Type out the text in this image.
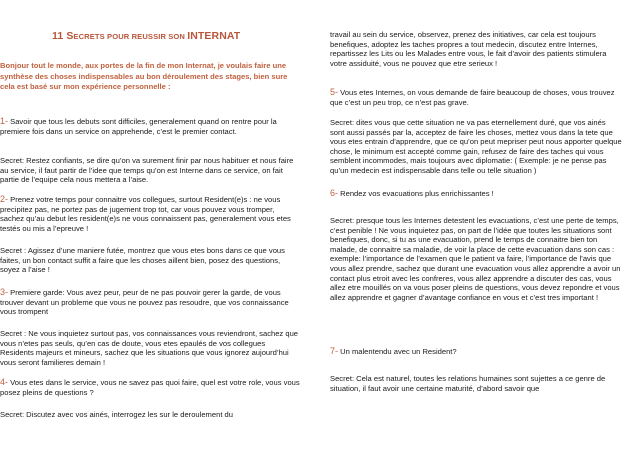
11 SECRETS POUR REUSSIR SON INTERNAT

Bonjour tout le monde, aux portes de la fin de mon Internat, je voulais faire une synthèse des choses indispensables au bon déroulement des stages, bien sure cela est basé sur mon expérience personnelle :

1- Savoir que tous les debuts sont difficiles, generalement quand on rentre pour la premiere fois dans un service on apprehende, c’est le premier contact.

Secret: Restez confiants, se dire qu’on va surement finir par nous habituer et nous faire au service, il faut partir de l’idee que temps qu’on est Interne dans ce service, on fait partie de l’equipe cela nous mettera a l’aise.

2- Prenez votre temps pour connaitre vos collegues, surtout Resident(e)s : ne vous precipitez pas, ne portez pas de jugement trop tot, car vous pouvez vous tromper, sachez qu’au debut les resident(e)s ne vous connaissent pas, generalement vous etes testés ou mis a l’epreuve !

Secret : Agissez d’une maniere futée, montrez que vous etes bons dans ce que vous faites, un bon contact suffit a faire que les choses aillent bien, posez des questions, soyez a l’aise !

3- Premiere garde: Vous avez peur, peur de ne pas pouvoir gerer la garde, de vous trouver devant un probleme que vous ne pouvez pas resoudre, que vos connaissance vous trompent

Secret : Ne vous inquietez surtout pas, vos connaissances vous reviendront, sachez que vous n’etes pas seuls, qu’en cas de doute, vous etes epaulés de vos collegues Residents majeurs et mineurs, sachez que les situations que vous ignorez aujourd’hui vous seront familieres demain !

4- Vous etes dans le service, vous ne savez pas quoi faire, quel est votre role, vous vous posez pleins de questions ?

Secret: Discutez avec vos ainés, interrogez les sur le deroulement du

travail au sein du service, observez, prenez des initiatives, car cela est toujours benefiques, adoptez les taches propres a tout medecin, discutez entre Internes, repartissez les Lits ou les Malades entre vous, le fait d’avoir des patients stimulera votre assiduité, vous ne pouvez que etre serieux !

5- Vous etes Internes, on vous demande de faire beaucoup de choses, vous trouvez que c’est un peu trop, ce n’est pas grave.

Secret: dites vous que cette situation ne va pas eternellement duré, que vos ainés sont aussi passés par la, acceptez de faire les choses, mettez vous dans la tete que vous etes entrain d’apprendre, que ce qu’on peut mepriser peut nous apporter quelque chose, le minimum est accepté comme gain, refusez de faire des taches qui vous semblent incommodes, mais toujours avec diplomatie: ( Exemple: je ne pense pas qu’un medecin est indispensable dans telle ou telle situation )

6- Rendez vos evacuations plus enrichissantes !

Secret: presque tous les Internes detestent les evacuations, c’est une perte de temps, c’est penible ! Ne vous inquietez pas, on part de l’idée que toutes les situations sont benefiques, donc, si tu as une evacuation, prend le temps de connaitre bien ton malade, de connaitre sa maladie, de voir la place de cette evacuation dans son cas : exemple: l’importance de l’examen que le patient va faire, l’importance de l’avis que vous allez prendre, sachez que durant une evacuation vous allez apprendre a avoir un contact plus etroit avec les confreres, vous allez apprendre a discuter des cas, vous allez etre mouillés on va vous poser pleins de questions, vous devez repondre et vous allez apprendre et gagner d’avantage confiance en vous et c’est tres important !

7- Un malentendu avec un Resident?

Secret: Cela est naturel, toutes les relations humaines sont sujettes a ce genre de situation, il faut avoir une certaine maturité, d’abord savoir que
